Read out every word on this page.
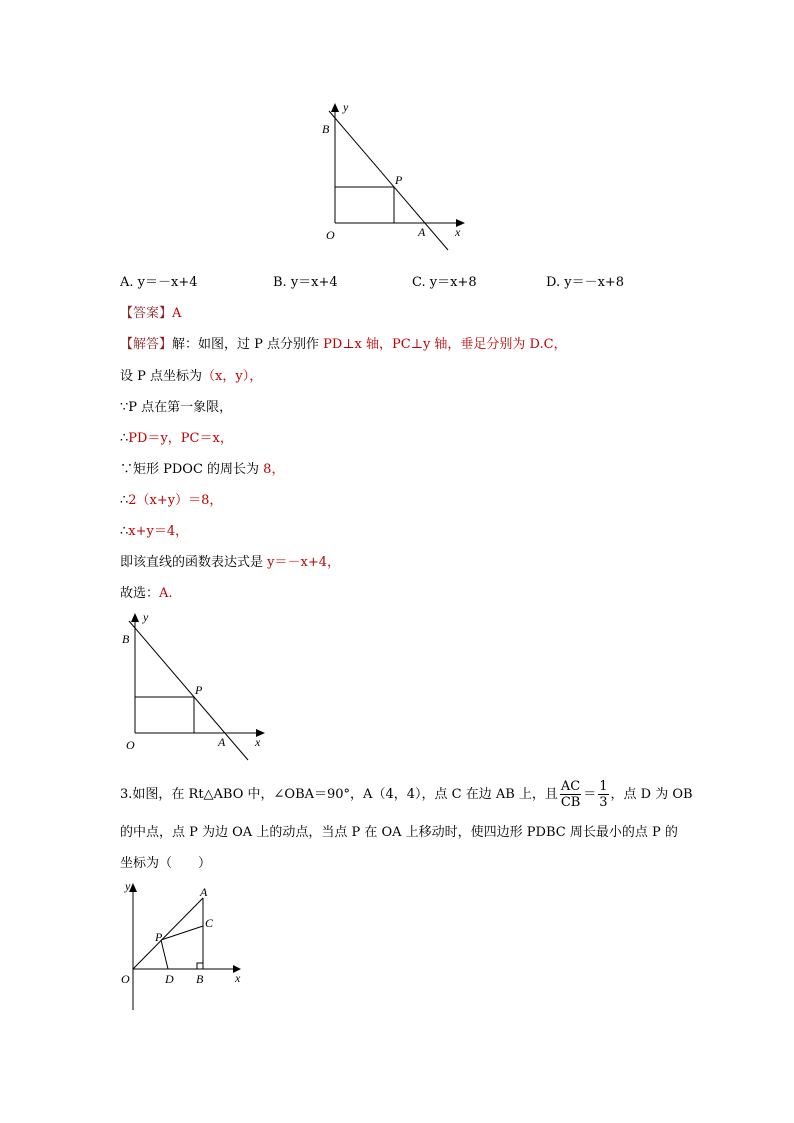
y
B
P
O	A x
A. y＝－x+4	B. y＝x+4	C. y＝x+8	D. y＝－x+8
【答案】A
【解答】解：如图，过 P 点分别作 PD⊥x 轴，PC⊥y 轴，垂足分别为 D.C，
设 P 点坐标为（x，y），
∵P 点在第一象限，
∴PD＝y，PC＝x，
∵矩形 PDOC 的周长为 8，
∴2（x+y）＝8，
∴x+y＝4，
即该直线的函数表达式是 y＝－x+4，
故选：A.
y
B
P
O	A x
3.如图，在 Rt△ABO 中，∠OBA＝90°，A（4，4），点 C 在边 AB 上，且 $\frac{AC}{CB} = \frac{1}{3}$ ，点 D 为 OB
的中点，点 P 为边 OA 上的动点，当点 P 在 OA 上移动时，使四边形 PDBC 周长最小的点 P 的
坐标为（　　）
y	A
C
P
O	D B	x
